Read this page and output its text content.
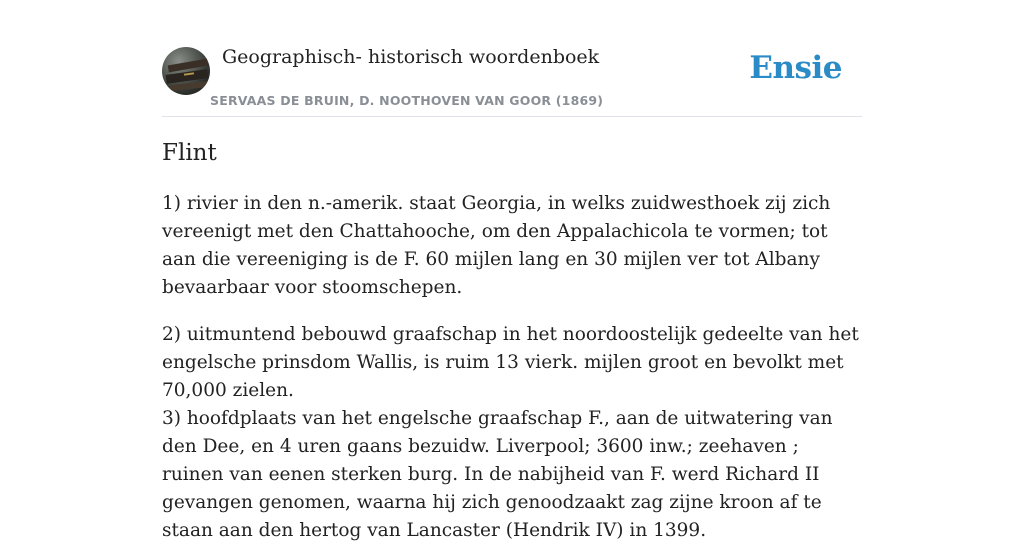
Geographisch- historisch woordenboek
SERVAAS DE BRUIN, D. NOOTHOVEN VAN GOOR (1869)
Ensie
Flint

1) rivier in den n.-amerik. staat Georgia, in welks zuidwesthoek zij zich vereenigt met den Chattahooche, om den Appalachicola te vormen; tot aan die vereeniging is de F. 60 mijlen lang en 30 mijlen ver tot Albany bevaarbaar voor stoomschepen.

2) uitmuntend bebouwd graafschap in het noordoostelijk gedeelte van het engelsche prinsdom Wallis, is ruim 13 vierk. mijlen groot en bevolkt met 70,000 zielen.

3) hoofdplaats van het engelsche graafschap F., aan de uitwatering van den Dee, en 4 uren gaans bezuidw. Liverpool; 3600 inw.; zeehaven ; ruinen van eenen sterken burg. In de nabijheid van F. werd Richard II gevangen genomen, waarna hij zich genoodzaakt zag zijne kroon af te staan aan den hertog van Lancaster (Hendrik IV) in 1399.
